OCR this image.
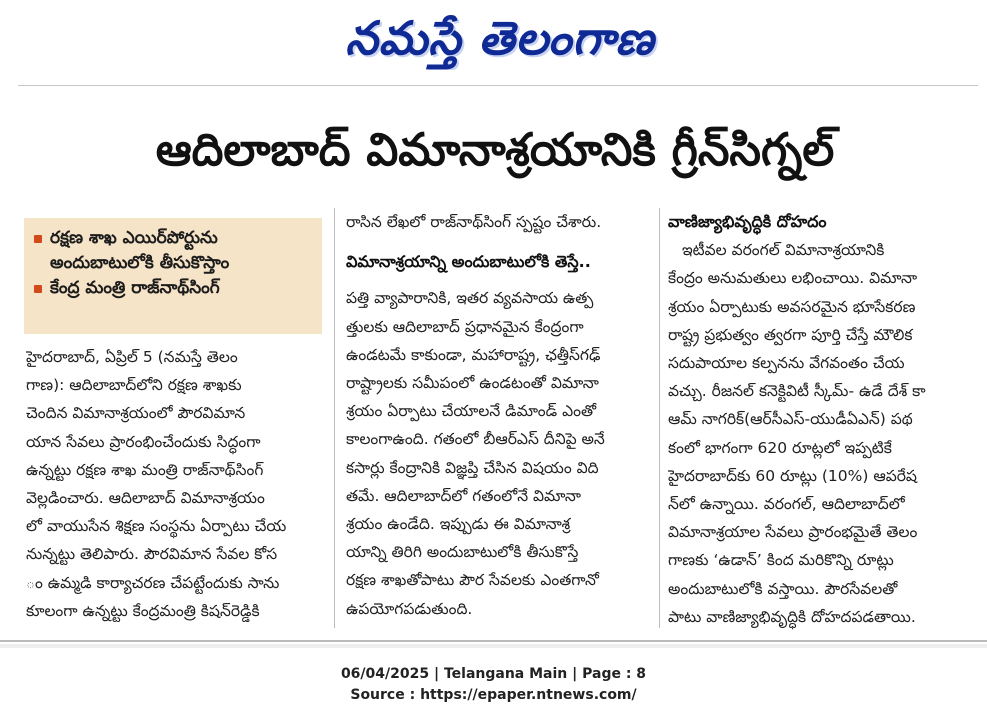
నమస్తే తెలంగాణ
ఆదిలాబాద్ విమానాశ్రయానికి గ్రీన్‌సిగ్నల్
రక్షణ శాఖ ఎయిర్‌పోర్టును
అందుబాటులోకి తీసుకొస్తాం
కేంద్ర మంత్రి రాజ్‌నాథ్‌సింగ్
హైదరాబాద్, ఏప్రిల్ 5 (నమస్తే తెలం
గాణ): ఆదిలాబాద్‌లోని రక్షణ శాఖకు
చెందిన విమానాశ్రయంలో పౌరవిమాన
యాన సేవలు ప్రారంభించేందుకు సిద్ధంగా
ఉన్నట్టు రక్షణ శాఖ మంత్రి రాజ్‌నాథ్‌సింగ్
వెల్లడించారు. ఆదిలాబాద్ విమానాశ్రయం
లో వాయుసేన శిక్షణ సంస్థను ఏర్పాటు చేయ
నున్నట్టు తెలిపారు. పౌరవిమాన సేవల కోస
ం ఉమ్మడి కార్యాచరణ చేపట్టేందుకు సాను
కూలంగా ఉన్నట్టు కేంద్రమంత్రి కిషన్‌రెడ్డికి
రాసిన లేఖలో రాజ్‌నాథ్‌సింగ్ స్పష్టం చేశారు.
విమానాశ్రయాన్ని అందుబాటులోకి తెస్తే..
పత్తి వ్యాపారానికి, ఇతర వ్యవసాయ ఉత్ప
త్తులకు ఆదిలాబాద్ ప్రధానమైన కేంద్రంగా
ఉండటమే కాకుండా, మహారాష్ట్ర, ఛత్తీస్‌గఢ్
రాష్ట్రాలకు సమీపంలో ఉండటంతో విమానా
శ్రయం ఏర్పాటు చేయాలనే డిమాండ్ ఎంతో
కాలంగాఉంది. గతంలో బీఆర్‌ఎస్ దీనిపై అనే
కసార్లు కేంద్రానికి విజ్ఞప్తి చేసిన విషయం విది
తమే. ఆదిలాబాద్‌లో గతంలోనే విమానా
శ్రయం ఉండేది. ఇప్పుడు ఈ విమానాశ్ర
యాన్ని తిరిగి అందుబాటులోకి తీసుకొస్తే
రక్షణ శాఖతోపాటు పౌర సేవలకు ఎంతగానో
ఉపయోగపడుతుంది.
వాణిజ్యాభివృద్ధికి దోహదం
ఇటీవల వరంగల్ విమానాశ్రయానికి
కేంద్రం అనుమతులు లభించాయి. విమానా
శ్రయం ఏర్పాటుకు అవసరమైన భూసేకరణ
రాష్ట్ర ప్రభుత్వం త్వరగా పూర్తి చేస్తే మౌలిక
సదుపాయాల కల్పనను వేగవంతం చేయ
వచ్చు. రీజనల్ కనెక్టివిటీ స్కీమ్- ఉడే దేశ్ కా
ఆమ్ నాగరిక్(ఆర్‌సీఎస్-యుడీఏఎన్) పథ
కంలో భాగంగా 620 రూట్లలో ఇప్పటికే
హైదరాబాద్‌కు 60 రూట్లు (10%) ఆపరేష
న్‌లో ఉన్నాయి. వరంగల్, ఆదిలాబాద్‌లో
విమానాశ్రయాల సేవలు ప్రారంభమైతే తెలం
గాణకు ‘ఉడాన్’ కింద మరికొన్ని రూట్లు
అందుబాటులోకి వస్తాయి. పౌరసేవలతో
పాటు వాణిజ్యాభివృద్ధికి దోహదపడతాయి.
06/04/2025 | Telangana Main | Page : 8
Source : https://epaper.ntnews.com/
